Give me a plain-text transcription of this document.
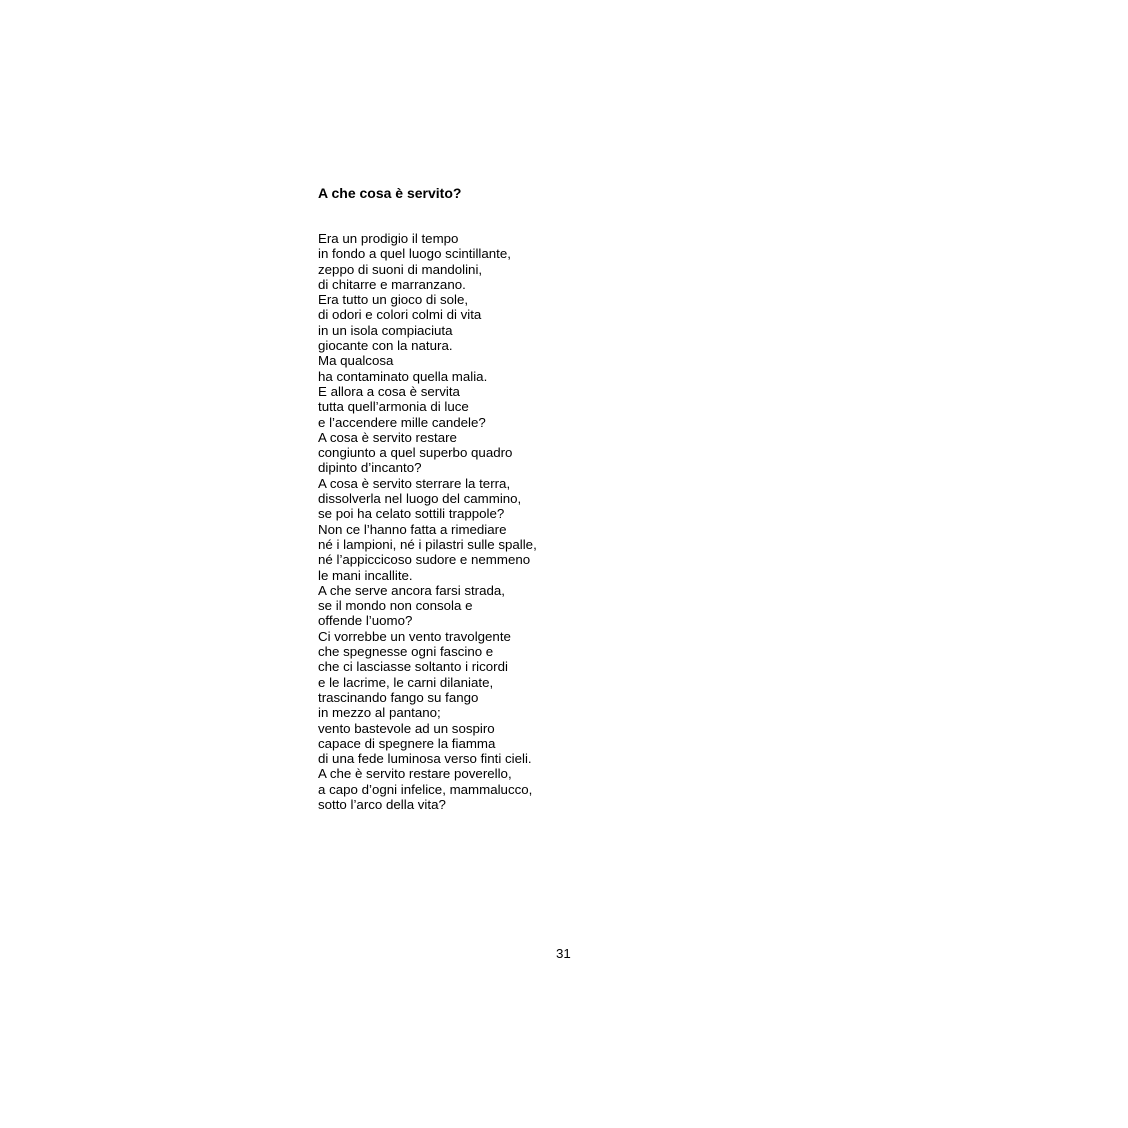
A che cosa è servito?
Era un prodigio il tempo
in fondo a quel luogo scintillante,
zeppo di suoni di mandolini,
di chitarre e marranzano.
Era tutto un gioco di sole,
di odori e colori colmi di vita
in un isola compiaciuta
giocante con la natura.
Ma qualcosa
ha contaminato quella malia.
E allora a cosa è servita
tutta quell’armonia di luce
e l’accendere mille candele?
A cosa è servito restare
congiunto a quel superbo quadro
dipinto d’incanto?
A cosa è servito sterrare la terra,
dissolverla nel luogo del cammino,
se poi ha celato sottili trappole?
Non ce l’hanno fatta a rimediare
né i lampioni, né i pilastri sulle spalle,
né l’appiccicoso sudore e nemmeno
le mani incallite.
A che serve ancora farsi strada,
se il mondo non consola e
offende l’uomo?
Ci vorrebbe un vento travolgente
che spegnesse ogni fascino e
che ci lasciasse soltanto i ricordi
e le lacrime, le carni dilaniate,
trascinando fango su fango
in mezzo al pantano;
vento bastevole ad un sospiro
capace di spegnere la fiamma
di una fede luminosa verso finti cieli.
A che è servito restare poverello,
a capo d’ogni infelice, mammalucco,
sotto l’arco della vita?

31
